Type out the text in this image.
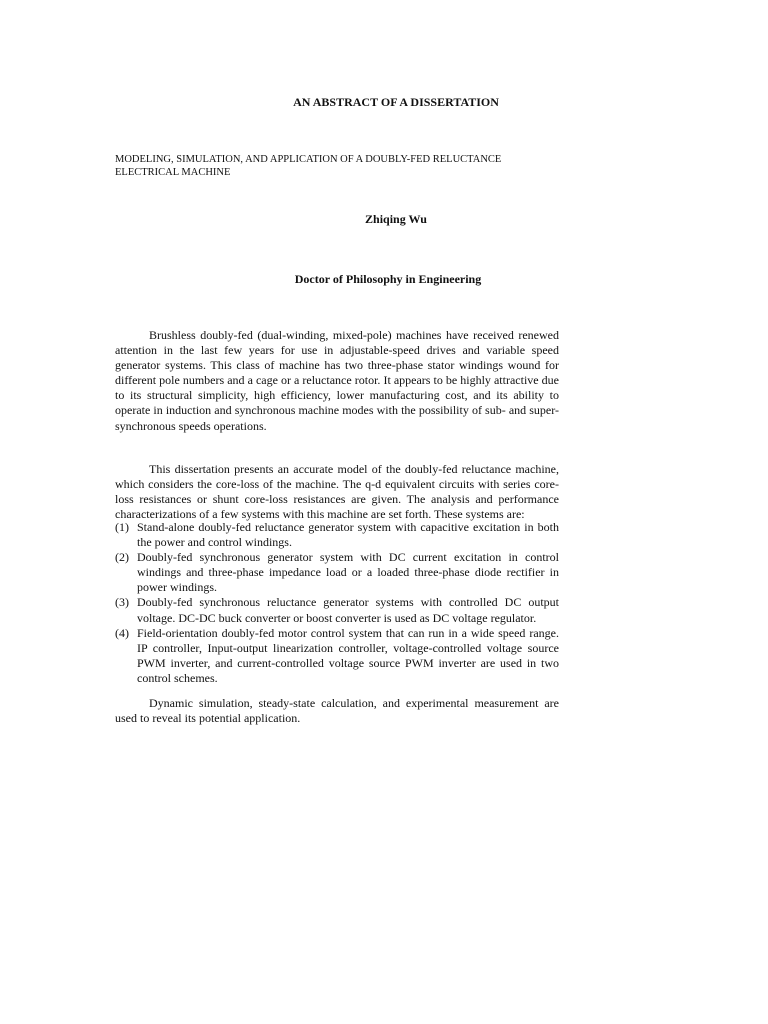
AN ABSTRACT OF A DISSERTATION
MODELING, SIMULATION, AND APPLICATION OF A DOUBLY-FED RELUCTANCE
ELECTRICAL MACHINE
Zhiqing Wu
Doctor of Philosophy in Engineering

Brushless doubly-fed (dual-winding, mixed-pole) machines have received renewed attention in the last few years for use in adjustable-speed drives and variable speed generator systems. This class of machine has two three-phase stator windings wound for different pole numbers and a cage or a reluctance rotor. It appears to be highly attractive due to its structural simplicity, high efficiency, lower manufacturing cost, and its ability to operate in induction and synchronous machine modes with the possibility of sub- and super-synchronous speeds operations.

This dissertation presents an accurate model of the doubly-fed reluctance machine, which considers the core-loss of the machine. The q-d equivalent circuits with series core-loss resistances or shunt core-loss resistances are given. The analysis and performance characterizations of a few systems with this machine are set forth. These systems are:

(1) Stand-alone doubly-fed reluctance generator system with capacitive excitation in both the power and control windings.
(2) Doubly-fed synchronous generator system with DC current excitation in control windings and three-phase impedance load or a loaded three-phase diode rectifier in power windings.
(3) Doubly-fed synchronous reluctance generator systems with controlled DC output voltage. DC-DC buck converter or boost converter is used as DC voltage regulator.
(4) Field-orientation doubly-fed motor control system that can run in a wide speed range. IP controller, Input-output linearization controller, voltage-controlled voltage source PWM inverter, and current-controlled voltage source PWM inverter are used in two control schemes.

Dynamic simulation, steady-state calculation, and experimental measurement are used to reveal its potential application.
